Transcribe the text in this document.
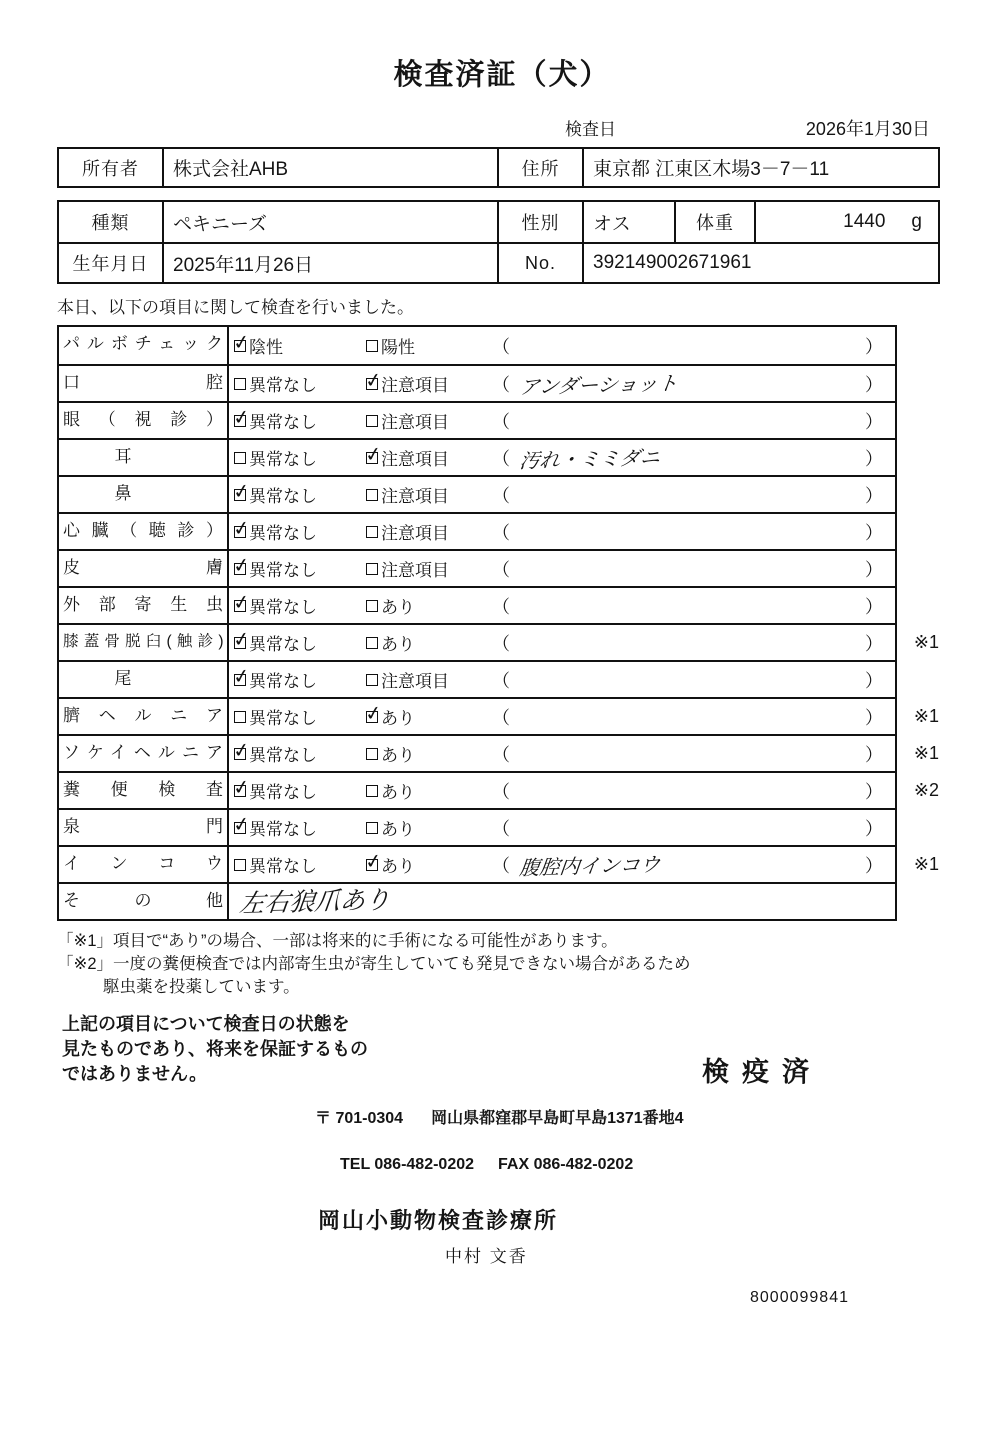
検査済証（犬）
検査日	2026年1月30日
所有者	株式会社AHB	住所	東京都 江東区木場3－7－11
種類	ペキニーズ	性別	オス	体重	1440 g
生年月日	2025年11月26日	No.	392149002671961
本日、以下の項目に関して検査を行いました。
パルボチェック ✓	陰性	陽性	（	）
口腔	異常なし ✓	注意項目 （ アンダーショット	）
眼（視診） ✓	異常なし	注意項目 （	）
耳	異常なし ✓	注意項目 （ 汚れ・ミミダニ	）
鼻 ✓	異常なし	注意項目 （	）
心臓（聴診） ✓	異常なし	注意項目 （	）
皮膚 ✓	異常なし	注意項目 （	）
外部寄生虫 ✓	異常なし	あり	（	）
膝蓋骨脱臼(触診) ✓	異常なし	あり	（	） ※1
尾 ✓	異常なし	注意項目 （	）
臍ヘルニア	異常なし ✓	あり	（	） ※1
ソケイヘルニア ✓	異常なし	あり	（	） ※1
糞便検査 ✓	異常なし	あり	（	） ※2
泉門 ✓	異常なし	あり	（	）
インコウ	異常なし ✓	あり	（ 腹腔内インコウ	） ※1
その他 左右狼爪あり
「※1」項目で“あり”の場合、一部は将来的に手術になる可能性があります。
「※2」一度の糞便検査では内部寄生虫が寄生していても発見できない場合があるため
駆虫薬を投薬しています。
上記の項目について検査日の状態を
見たものであり、将来を保証するもの
ではありません。	検疫済
〒 701-0304 岡山県都窪郡早島町早島1371番地4
TEL 086-482-0202 FAX 086-482-0202
岡山小動物検査診療所
中村 文香
8000099841
